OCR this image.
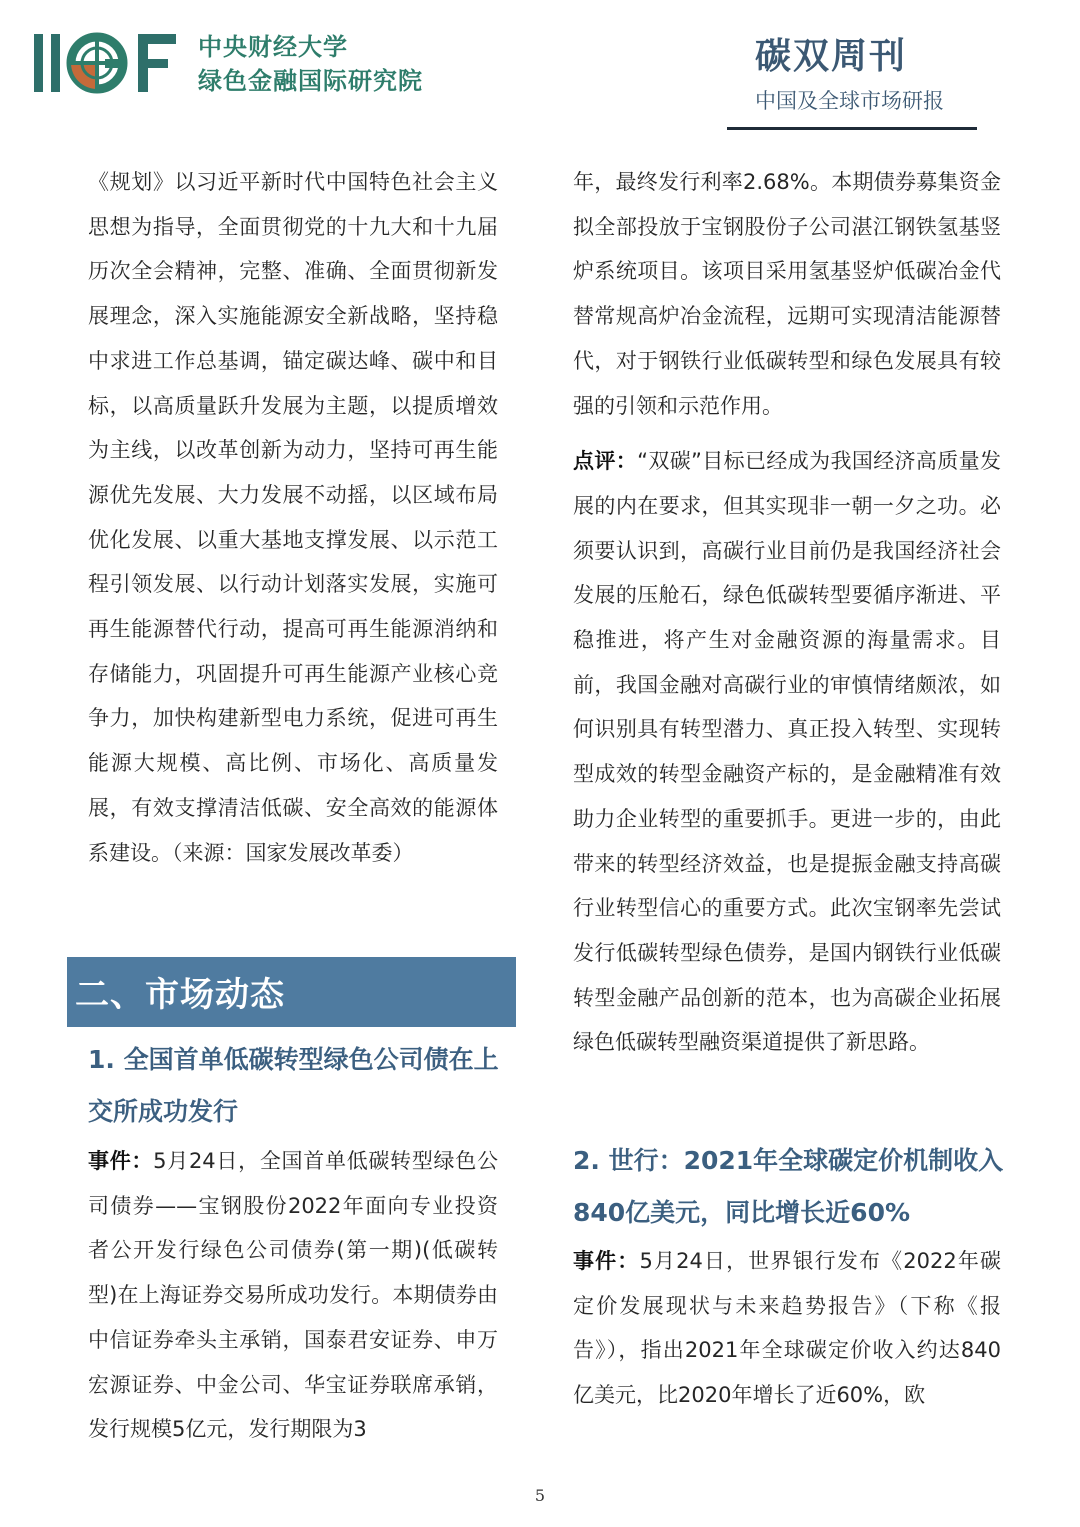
中央财经大学
绿色金融国际研究院
碳双周刊
中国及全球市场研报

《规划》以习近平新时代中国特色社会主义思想为指导，全面贯彻党的十九大和十九届历次全会精神，完整、准确、全面贯彻新发展理念，深入实施能源安全新战略，坚持稳中求进工作总基调，锚定碳达峰、碳中和目标，以高质量跃升发展为主题，以提质增效为主线，以改革创新为动力，坚持可再生能源优先发展、大力发展不动摇，以区域布局优化发展、以重大基地支撑发展、以示范工程引领发展、以行动计划落实发展，实施可再生能源替代行动，提高可再生能源消纳和存储能力，巩固提升可再生能源产业核心竞争力，加快构建新型电力系统，促进可再生能源大规模、高比例、市场化、高质量发展，有效支撑清洁低碳、安全高效的能源体系建设。（来源：国家发展改革委）

二、市场动态
1. 全国首单低碳转型绿色公司债在上交所成功发行

事件：5月24日，全国首单低碳转型绿色公司债券——宝钢股份2022年面向专业投资者公开发行绿色公司债券(第一期)(低碳转型)在上海证券交易所成功发行。本期债券由中信证券牵头主承销，国泰君安证券、申万宏源证券、中金公司、华宝证券联席承销，发行规模5亿元，发行期限为3

年，最终发行利率2.68%。本期债券募集资金拟全部投放于宝钢股份子公司湛江钢铁氢基竖炉系统项目。该项目采用氢基竖炉低碳冶金代替常规高炉冶金流程，远期可实现清洁能源替代，对于钢铁行业低碳转型和绿色发展具有较强的引领和示范作用。

点评：“双碳”目标已经成为我国经济高质量发展的内在要求，但其实现非一朝一夕之功。必须要认识到，高碳行业目前仍是我国经济社会发展的压舱石，绿色低碳转型要循序渐进、平稳推进，将产生对金融资源的海量需求。目前，我国金融对高碳行业的审慎情绪颇浓，如何识别具有转型潜力、真正投入转型、实现转型成效的转型金融资产标的，是金融精准有效助力企业转型的重要抓手。更进一步的，由此带来的转型经济效益，也是提振金融支持高碳行业转型信心的重要方式。此次宝钢率先尝试发行低碳转型绿色债券，是国内钢铁行业低碳转型金融产品创新的范本，也为高碳企业拓展绿色低碳转型融资渠道提供了新思路。

2. 世行：2021年全球碳定价机制收入840亿美元，同比增长近60%

事件：5月24日，世界银行发布《2022年碳定价发展现状与未来趋势报告》（下称《报告》），指出2021年全球碳定价收入约达840亿美元，比2020年增长了近60%，欧

5
